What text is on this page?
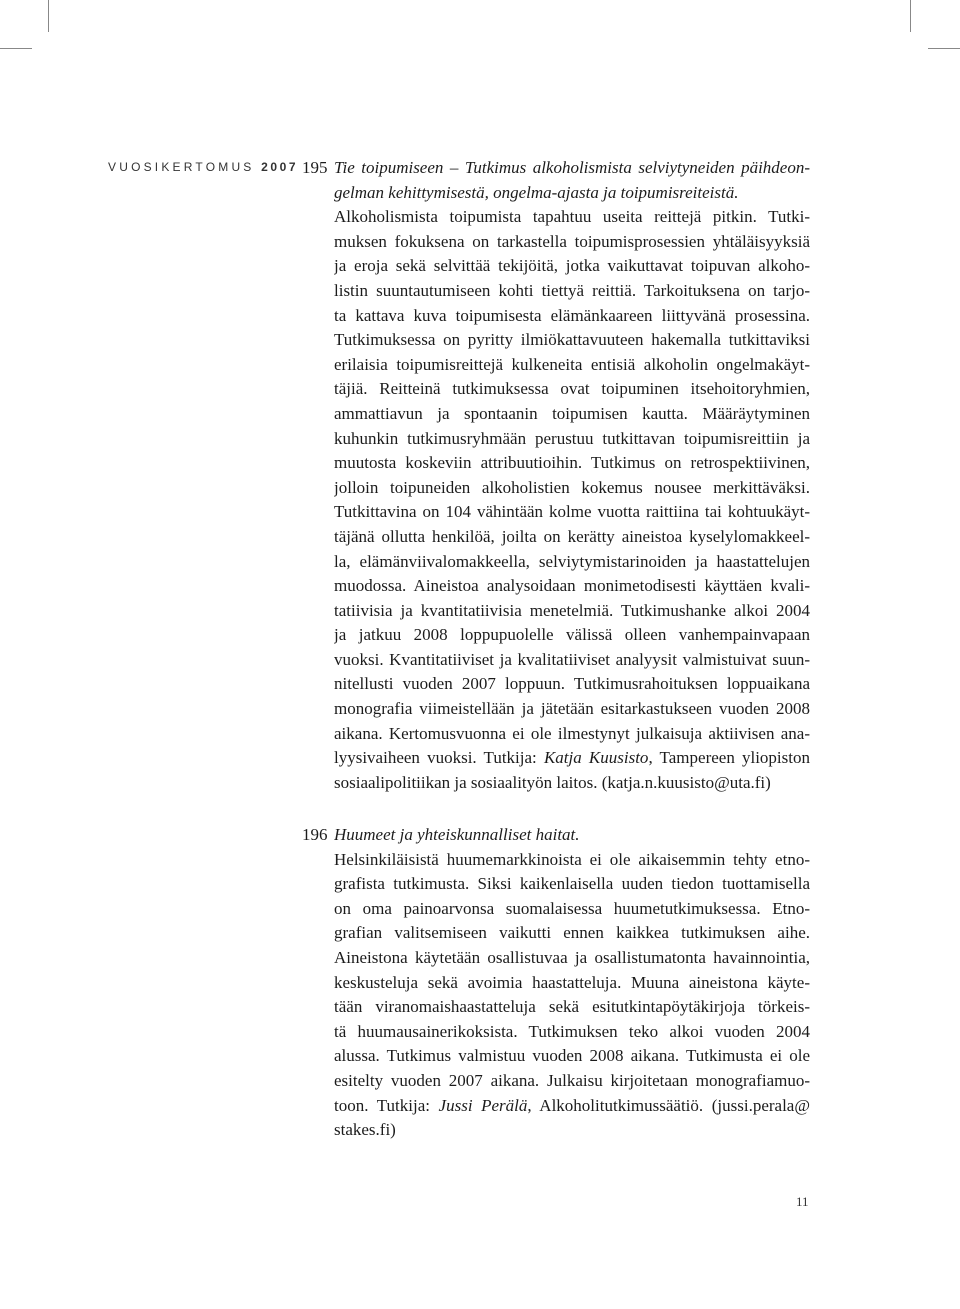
VUOSIKERTOMUS 2007 195 Tie toipumiseen – Tutkimus alkoholismista selviytyneiden päihdeon-
gelman kehittymisestä, ongelma-ajasta ja toipumisreiteistä.
Alkoholismista toipumista tapahtuu useita reittejä pitkin. Tutki-
muksen fokuksena on tarkastella toipumisprosessien yhtäläisyyksiä
ja eroja sekä selvittää tekijöitä, jotka vaikuttavat toipuvan alkoho-
listin suuntautumiseen kohti tiettyä reittiä. Tarkoituksena on tarjo-
ta kattava kuva toipumisesta elämänkaareen liittyvänä prosessina.
Tutkimuksessa on pyritty ilmiökattavuuteen hakemalla tutkittaviksi
erilaisia toipumisreittejä kulkeneita entisiä alkoholin ongelmakäyt-
täjiä. Reitteinä tutkimuksessa ovat toipuminen itsehoitoryhmien,
ammattiavun ja spontaanin toipumisen kautta. Määräytyminen
kuhunkin tutkimusryhmään perustuu tutkittavan toipumisreittiin ja
muutosta koskeviin attribuutioihin. Tutkimus on retrospektiivinen,
jolloin toipuneiden alkoholistien kokemus nousee merkittäväksi.
Tutkittavina on 104 vähintään kolme vuotta raittiina tai kohtuukäyt-
täjänä ollutta henkilöä, joilta on kerätty aineistoa kyselylomakkeel-
la, elämänviivalomakkeella, selviytymistarinoiden ja haastattelujen
muodossa. Aineistoa analysoidaan monimetodisesti käyttäen kvali-
tatiivisia ja kvantitatiivisia menetelmiä. Tutkimushanke alkoi 2004
ja jatkuu 2008 loppupuolelle välissä olleen vanhempainvapaan
vuoksi. Kvantitatiiviset ja kvalitatiiviset analyysit valmistuivat suun-
nitellusti vuoden 2007 loppuun. Tutkimusrahoituksen loppuaikana
monografia viimeistellään ja jätetään esitarkastukseen vuoden 2008
aikana. Kertomusvuonna ei ole ilmestynyt julkaisuja aktiivisen ana-
lyysivaiheen vuoksi. Tutkija: Katja Kuusisto, Tampereen yliopiston
sosiaalipolitiikan ja sosiaalityön laitos. (katja.n.kuusisto@uta.fi)
196 Huumeet ja yhteiskunnalliset haitat.
Helsinkiläisistä huumemarkkinoista ei ole aikaisemmin tehty etno-
grafista tutkimusta. Siksi kaikenlaisella uuden tiedon tuottamisella
on oma painoarvonsa suomalaisessa huumetutkimuksessa. Etno-
grafian valitsemiseen vaikutti ennen kaikkea tutkimuksen aihe.
Aineistona käytetään osallistuvaa ja osallistumatonta havainnointia,
keskusteluja sekä avoimia haastatteluja. Muuna aineistona käyte-
tään viranomaishaastatteluja sekä esitutkintapöytäkirjoja törkeis-
tä huumausainerikoksista. Tutkimuksen teko alkoi vuoden 2004
alussa. Tutkimus valmistuu vuoden 2008 aikana. Tutkimusta ei ole
esitelty vuoden 2007 aikana. Julkaisu kirjoitetaan monografiamuo-
toon. Tutkija: Jussi Perälä, Alkoholitutkimussäätiö. (jussi.perala@
stakes.fi)
11
